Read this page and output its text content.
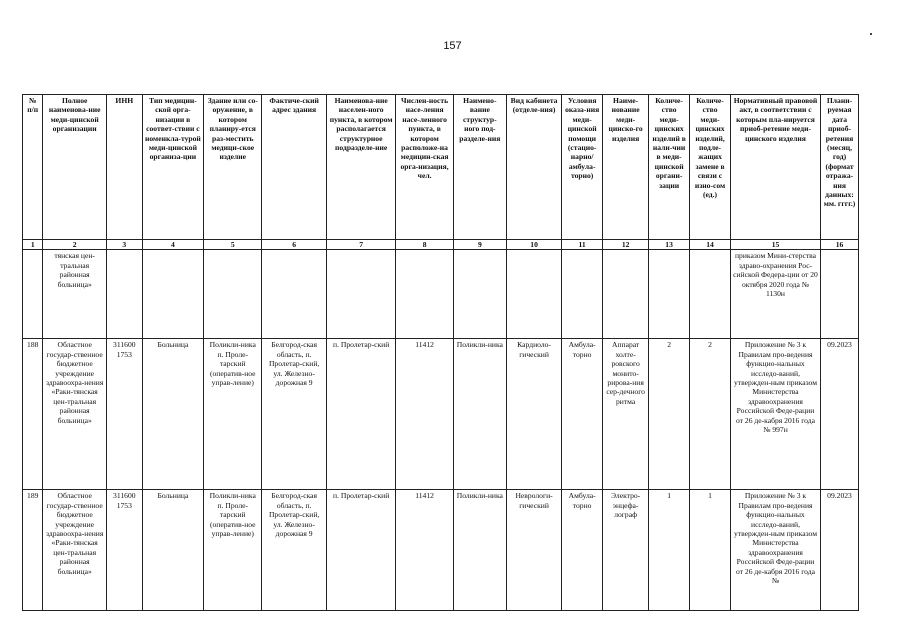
157
№ п/п	Полное наименова-ние меди-цинской организации	ИНН	Тип медицин-ской орга-низации в соответ-ствии с номенкла-турой меди-цинской организа-ции	Здание или со-оружение, в котором планиру-ется раз-местить медици-ское изделие	Фактиче-ский адрес здания	Наименова-ние населен-ного пункта, в котором располагается структурное подразделе-ние	Числен-ность насе-ления насе-ленного пункта, в котором расположе-на медицин-ская орга-низация, чел.	Наимено-вание структур-ного под-разделе-ния	Вид кабинета (отделе-ния)	Условия оказа-ния меди-цинской помощи (стацио-нарно/ амбула-торно)	Наиме-нование меди-цинско-го изделия	Количе-ство меди-цинских изделий в нали-чии в меди-цинской органи-зации	Количе-ство меди-цинских изделий, подле-жащих замене в связи с изно-сом (ед.)	Нормативный правовой акт, в соответствии с которым пла-нируется приоб-ретение меди-цинского изделия	Плани-руемая дата приоб-ретения (месяц, год) (формат отража-ния данных: мм. гггг.)
1	2	3	4	5	6	7	8	9	10	11	12	13	14	15	16
	тянская цен-тральная районная больница»													приказом Мини-стерства здраво-охранения Рос-сийской Федера-ции от 20 октября 2020 года № 1130н	
188	Областное государ-ственное бюджетное учреждение здравоохра-нения «Раки-тянская цен-тральная районная больница»	311600 1753	Больница	Поликли-ника п. Проле-тарский (оператив-ное управ-ление)	Белгород-ская область, п. Пролетар-ский, ул. Железно-дорожная 9	п. Пролетар-ский	11412	Поликли-ника	Кардиоло-гический	Амбула-торно	Аппарат холте-ровского монито-рирова-ния сер-дечного ритма	2	2	Приложение № 3 к Правилам про-ведения функцио-нальных исследо-ваний, утвержден-ным приказом Министерства здравоохранения Российской Феде-рации от 26 де-кабря 2016 года № 997н	09.2023
189	Областное государ-ственное бюджетное учреждение здравоохра-нения «Раки-тянская цен-тральная районная больница»	311600 1753	Больница	Поликли-ника п. Проле-тарский (оператив-ное управ-ление)	Белгород-ская область, п. Пролетар-ский, ул. Железно-дорожная 9	п. Пролетар-ский	11412	Поликли-ника	Неврологи-гический	Амбула-торно	Электро-энцефа-лограф	1	1	Приложение № 3 к Правилам про-ведения функцио-нальных исследо-ваний, утвержден-ным приказом Министерства здравоохранения Российской Феде-рации от 26 де-кабря 2016 года №	09.2023
